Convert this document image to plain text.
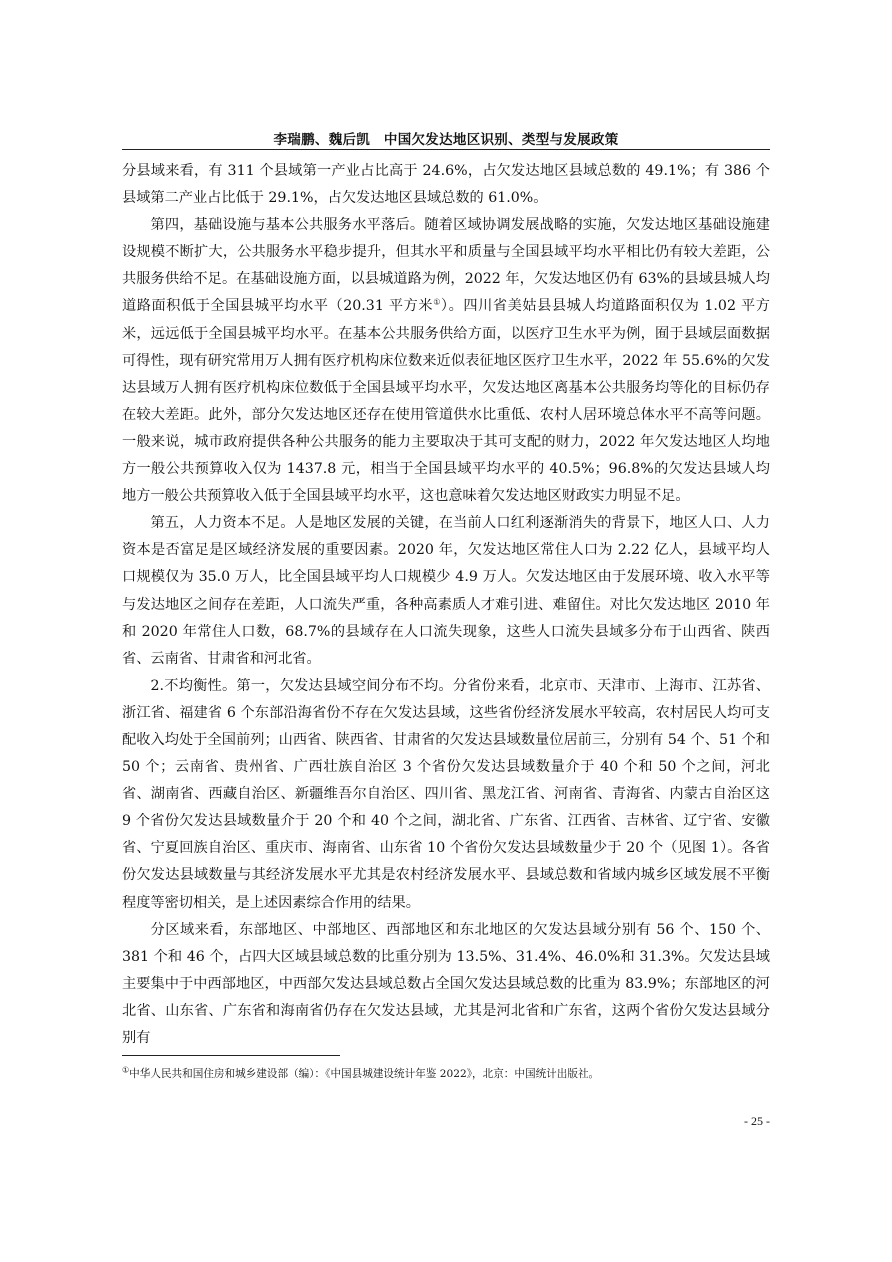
李瑞鹏、魏后凯　中国欠发达地区识别、类型与发展政策

分县域来看，有 311 个县域第一产业占比高于 24.6%，占欠发达地区县域总数的 49.1%；有 386 个县域第二产业占比低于 29.1%，占欠发达地区县域总数的 61.0%。

第四，基础设施与基本公共服务水平落后。随着区域协调发展战略的实施，欠发达地区基础设施建设规模不断扩大，公共服务水平稳步提升，但其水平和质量与全国县域平均水平相比仍有较大差距，公共服务供给不足。在基础设施方面，以县城道路为例，2022 年，欠发达地区仍有 63%的县域县城人均道路面积低于全国县城平均水平（20.31 平方米①）。四川省美姑县县城人均道路面积仅为 1.02 平方米，远远低于全国县城平均水平。在基本公共服务供给方面，以医疗卫生水平为例，囿于县域层面数据可得性，现有研究常用万人拥有医疗机构床位数来近似表征地区医疗卫生水平，2022 年 55.6%的欠发达县域万人拥有医疗机构床位数低于全国县域平均水平，欠发达地区离基本公共服务均等化的目标仍存在较大差距。此外，部分欠发达地区还存在使用管道供水比重低、农村人居环境总体水平不高等问题。一般来说，城市政府提供各种公共服务的能力主要取决于其可支配的财力，2022 年欠发达地区人均地方一般公共预算收入仅为 1437.8 元，相当于全国县域平均水平的 40.5%；96.8%的欠发达县域人均地方一般公共预算收入低于全国县域平均水平，这也意味着欠发达地区财政实力明显不足。

第五，人力资本不足。人是地区发展的关键，在当前人口红利逐渐消失的背景下，地区人口、人力资本是否富足是区域经济发展的重要因素。2020 年，欠发达地区常住人口为 2.22 亿人，县域平均人口规模仅为 35.0 万人，比全国县域平均人口规模少 4.9 万人。欠发达地区由于发展环境、收入水平等与发达地区之间存在差距，人口流失严重，各种高素质人才难引进、难留住。对比欠发达地区 2010 年和 2020 年常住人口数，68.7%的县域存在人口流失现象，这些人口流失县域多分布于山西省、陕西省、云南省、甘肃省和河北省。

2.不均衡性。第一，欠发达县域空间分布不均。分省份来看，北京市、天津市、上海市、江苏省、浙江省、福建省 6 个东部沿海省份不存在欠发达县域，这些省份经济发展水平较高，农村居民人均可支配收入均处于全国前列；山西省、陕西省、甘肃省的欠发达县域数量位居前三，分别有 54 个、51 个和 50 个；云南省、贵州省、广西壮族自治区 3 个省份欠发达县域数量介于 40 个和 50 个之间，河北省、湖南省、西藏自治区、新疆维吾尔自治区、四川省、黑龙江省、河南省、青海省、内蒙古自治区这 9 个省份欠发达县域数量介于 20 个和 40 个之间，湖北省、广东省、江西省、吉林省、辽宁省、安徽省、宁夏回族自治区、重庆市、海南省、山东省 10 个省份欠发达县域数量少于 20 个（见图 1）。各省份欠发达县域数量与其经济发展水平尤其是农村经济发展水平、县域总数和省域内城乡区域发展不平衡程度等密切相关，是上述因素综合作用的结果。

分区域来看，东部地区、中部地区、西部地区和东北地区的欠发达县域分别有 56 个、150 个、381 个和 46 个，占四大区域县域总数的比重分别为 13.5%、31.4%、46.0%和 31.3%。欠发达县域主要集中于中西部地区，中西部欠发达县域总数占全国欠发达县域总数的比重为 83.9%；东部地区的河北省、山东省、广东省和海南省仍存在欠发达县域，尤其是河北省和广东省，这两个省份欠发达县域分别有

①中华人民共和国住房和城乡建设部（编）：《中国县城建设统计年鉴 2022》，北京：中国统计出版社。
- 25 -
